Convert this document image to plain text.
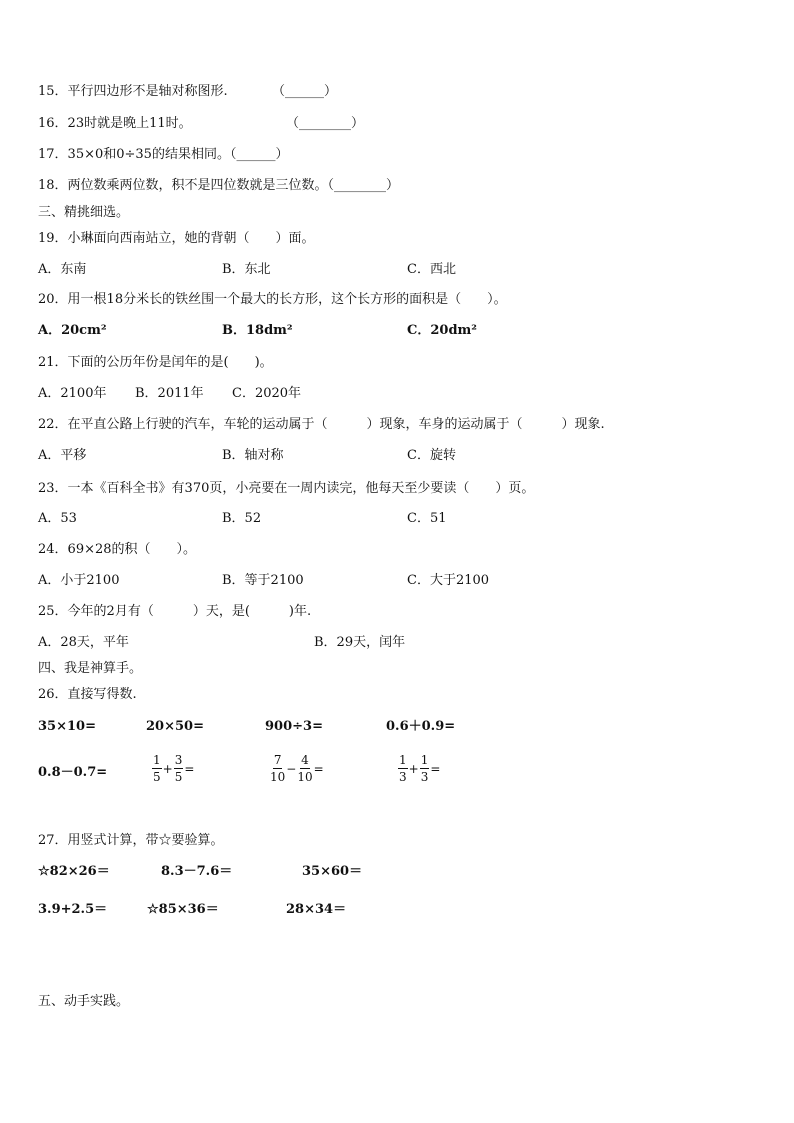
15．平行四边形不是轴对称图形.	（______）
16．23时就是晚上11时。	（________）
17．35×0和0÷35的结果相同。（______）
18．两位数乘两位数，积不是四位数就是三位数。（________）
三、精挑细选。
19．小琳面向西南站立，她的背朝（　　）面。
A．东南	B．东北	C．西北
20．用一根18分米长的铁丝围一个最大的长方形，这个长方形的面积是（　　）。
A．20cm²	B．18dm²	C．20dm²
21．下面的公历年份是闰年的是(　　)。
A．2100年 B．2011年 C．2020年
22．在平直公路上行驶的汽车，车轮的运动属于（　　　）现象，车身的运动属于（　　　）现象.
A．平移	B．轴对称	C．旋转
23．一本《百科全书》有370页，小亮要在一周内读完，他每天至少要读（　　）页。
A．53	B．52	C．51
24．69×28的积（　　）。
A．小于2100	B．等于2100	C．大于2100
25．今年的2月有（　　　）天，是(　　　)年.
A．28天，平年	B．29天，闰年
四、我是神算手。
26．直接写得数.
35×10=	20×50=	900÷3=	0.6＋0.9=
0.8－0.7=	$\frac{1}{5} + \frac{3}{5}$ =	$\frac{7}{10} - \frac{4}{10}$ =	$\frac{1}{3} + \frac{1}{3}$ =
27．用竖式计算，带☆要验算。
☆82×26＝	8.3－7.6＝	35×60＝
3.9+2.5＝	☆85×36＝	28×34＝
五、动手实践。
